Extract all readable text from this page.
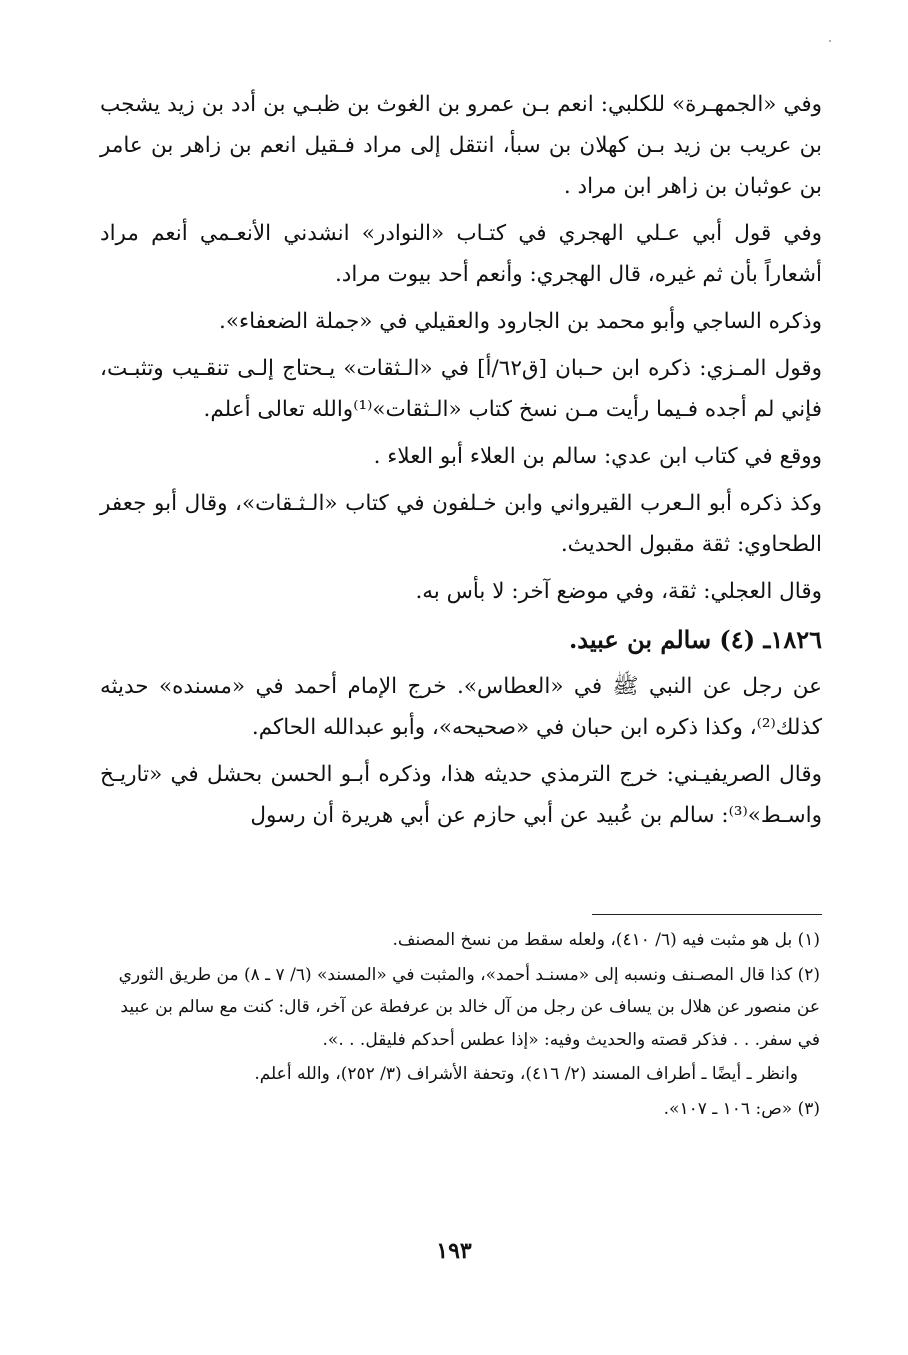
وفي «الجمهـرة» للكلبي: انعم بـن عمرو بن الغوث بن ظبـي بن أدد بن زيد يشجب بن عريب بن زيد بـن كهلان بن سبأ، انتقل إلى مراد فـقيل انعم بن زاهر بن عامر بن عوثبان بن زاهر ابن مراد .
وفي قول أبي عـلي الهجري في كتـاب «النوادر» انشدني الأنعـمي أنعم مراد أشعاراً بأن ثم غيره، قال الهجري: وأنعم أحد بيوت مراد.
وذكره الساجي وأبو محمد بن الجارود والعقيلي في «جملة الضعفاء».
وقول المـزي: ذكره ابن حـبان [ق٦٢/أ] في «الـثقات» يـحتاج إلـى تنقـيب وتثبـت، فإني لم أجده فـيما رأيت مـن نسخ كتاب «الـثقات»⁽¹⁾والله تعالى أعلم.
ووقع في كتاب ابن عدي: سالم بن العلاء أبو العلاء .
وكذ ذكره أبو الـعرب القيرواني وابن خـلفون في كتاب «الـثـقات»، وقال أبو جعفر الطحاوي: ثقة مقبول الحديث.
وقال العجلي: ثقة، وفي موضع آخر: لا بأس به.
١٨٢٦ـ (٤) سالم بن عبيد.
عن رجل عن النبي ﷺ في «العطاس». خرج الإمام أحمد في «مسنده» حديثه كذلك⁽²⁾، وكذا ذكره ابن حبان في «صحيحه»، وأبو عبدالله الحاكم.
وقال الصريفيـني: خرج الترمذي حديثه هذا، وذكره أبـو الحسن بحشل في «تاريـخ واسـط»⁽³⁾: سالم بن عُبيد عن أبي حازم عن أبي هريرة أن رسول
(١) بل هو مثبت فيه (٦/ ٤١٠)، ولعله سقط من نسخ المصنف.
(٢) كذا قال المصـنف ونسبه إلى «مسنـد أحمد»، والمثبت في «المسند» (٦/ ٧ ـ ٨) من طريق الثوري عن منصور عن هلال بن يساف عن رجل من آل خالد بن عرفطة عن آخر، قال: كنت مع سالم بن عبيد في سفر. . . فذكر قصته والحديث وفيه: «إذا عطس أحدكم فليقل. . .».
وانظر ـ أيضًا ـ أطراف المسند (٢/ ٤١٦)، وتحفة الأشراف (٣/ ٢٥٢)، والله أعلم.
(٣) «ص: ١٠٦ ـ ١٠٧».
١٩٣
